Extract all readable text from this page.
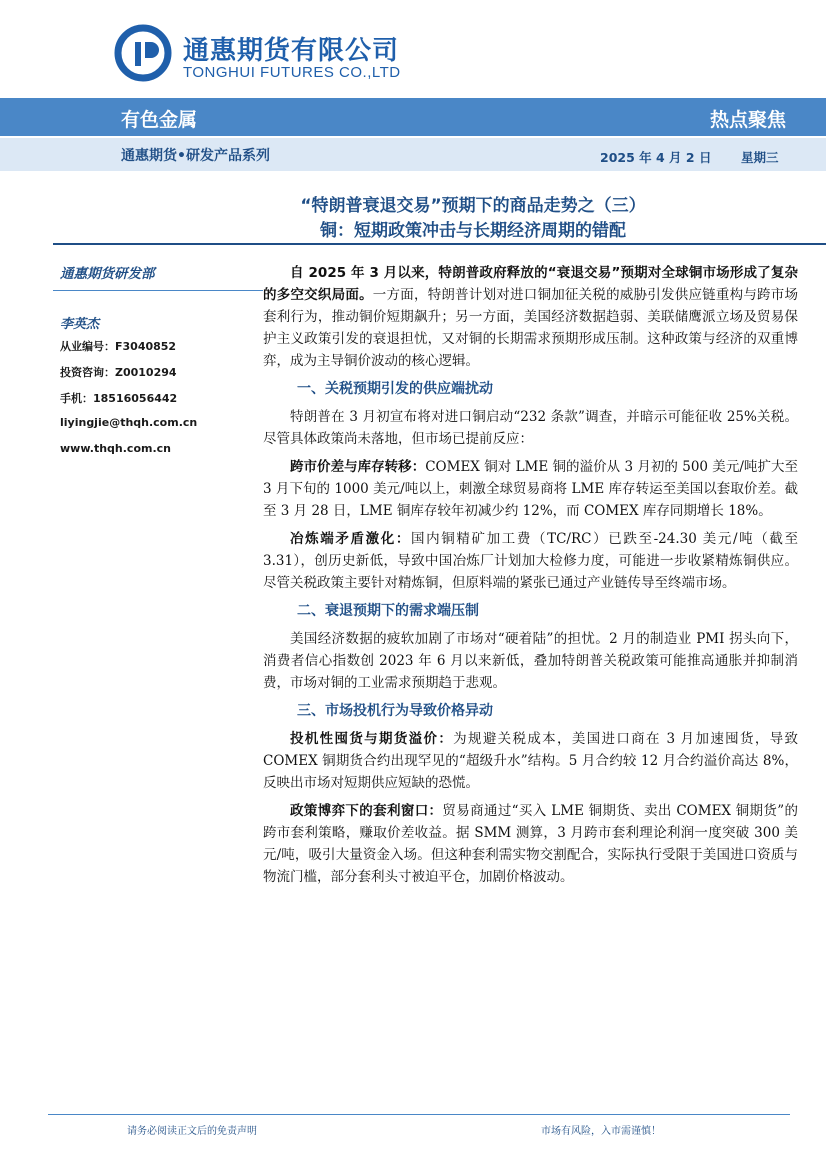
通惠期货有限公司
TONGHUI FUTURES CO.,LTD
有色金属	热点聚焦
通惠期货•研发产品系列	2025 年 4 月 2 日 星期三
“特朗普衰退交易”预期下的商品走势之（三）
铜：短期政策冲击与长期经济周期的错配
通惠期货研发部
李英杰
从业编号：F3040852
投资咨询：Z0010294
手机：18516056442
liyingjie@thqh.com.cn
www.thqh.com.cn

自 2025 年 3 月以来，特朗普政府释放的“衰退交易”预期对全球铜市场形成了复杂的多空交织局面。一方面，特朗普计划对进口铜加征关税的威胁引发供应链重构与跨市场套利行为，推动铜价短期飙升；另一方面，美国经济数据趋弱、美联储鹰派立场及贸易保护主义政策引发的衰退担忧，又对铜的长期需求预期形成压制。这种政策与经济的双重博弈，成为主导铜价波动的核心逻辑。

一、关税预期引发的供应端扰动

特朗普在 3 月初宣布将对进口铜启动“232 条款”调查，并暗示可能征收 25%关税。尽管具体政策尚未落地，但市场已提前反应：

跨市价差与库存转移：COMEX 铜对 LME 铜的溢价从 3 月初的 500 美元/吨扩大至 3 月下旬的 1000 美元/吨以上，刺激全球贸易商将 LME 库存转运至美国以套取价差。截至 3 月 28 日，LME 铜库存较年初减少约 12%，而 COMEX 库存同期增长 18%。

冶炼端矛盾激化：国内铜精矿加工费（TC/RC）已跌至-24.30 美元/吨（截至 3.31），创历史新低，导致中国冶炼厂计划加大检修力度，可能进一步收紧精炼铜供应。尽管关税政策主要针对精炼铜，但原料端的紧张已通过产业链传导至终端市场。

二、衰退预期下的需求端压制

美国经济数据的疲软加剧了市场对“硬着陆”的担忧。2 月的制造业 PMI 拐头向下，消费者信心指数创 2023 年 6 月以来新低，叠加特朗普关税政策可能推高通胀并抑制消费，市场对铜的工业需求预期趋于悲观。

三、市场投机行为导致价格异动

投机性囤货与期货溢价：为规避关税成本，美国进口商在 3 月加速囤货，导致 COMEX 铜期货合约出现罕见的“超级升水”结构。5 月合约较 12 月合约溢价高达 8%，反映出市场对短期供应短缺的恐慌。

政策博弈下的套利窗口：贸易商通过“买入 LME 铜期货、卖出 COMEX 铜期货”的跨市套利策略，赚取价差收益。据 SMM 测算，3 月跨市套利理论利润一度突破 300 美元/吨，吸引大量资金入场。但这种套利需实物交割配合，实际执行受限于美国进口资质与物流门槛，部分套利头寸被迫平仓，加剧价格波动。

请务必阅读正文后的免责声明	市场有风险，入市需谨慎！
